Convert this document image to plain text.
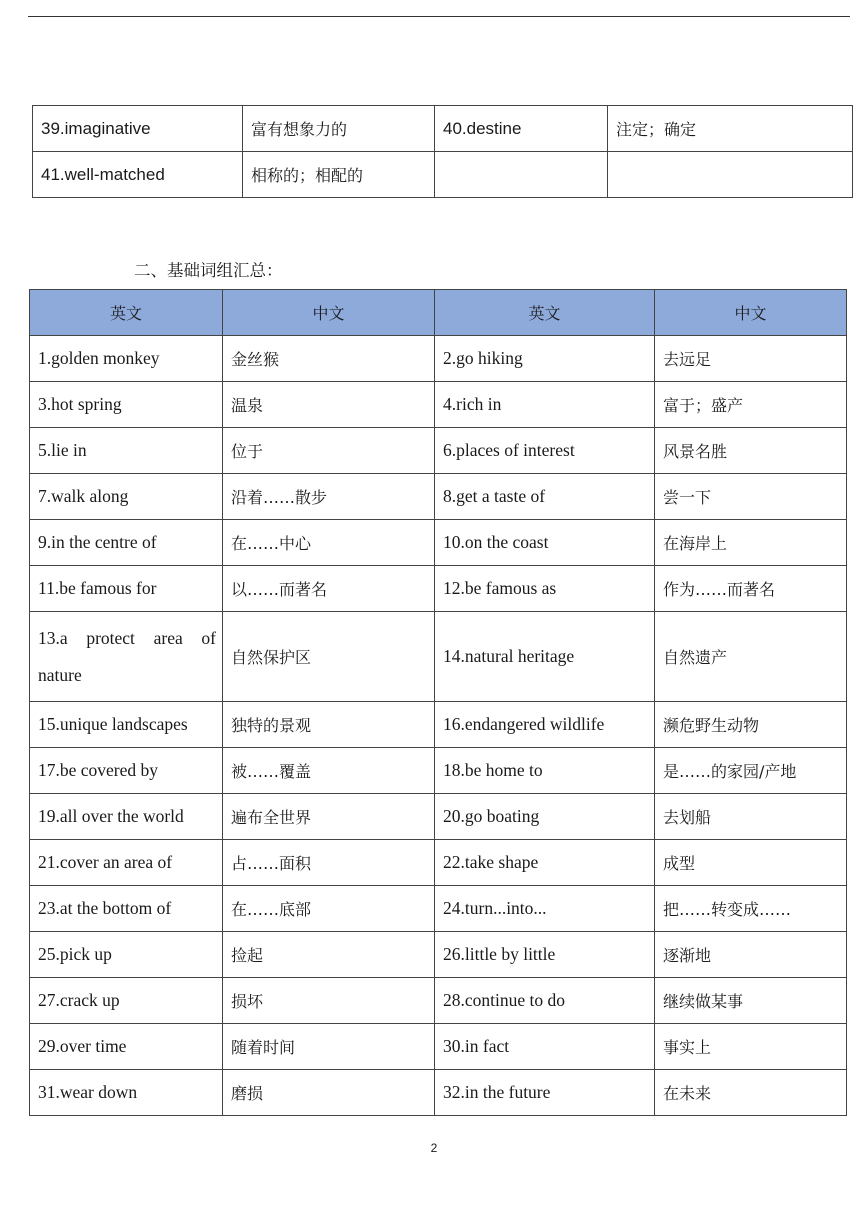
39.imaginative	富有想象力的	40.destine	注定；确定
41.well-matched	相称的；相配的		
二、基础词组汇总：
英文	中文	英文	中文
1.golden monkey	金丝猴	2.go hiking	去远足
3.hot spring	温泉	4.rich in	富于；盛产
5.lie in	位于	6.places of interest	风景名胜
7.walk along	沿着……散步	8.get a taste of	尝一下
9.in the centre of	在……中心	10.on the coast	在海岸上
11.be famous for	以……而著名	12.be famous as	作为……而著名
13.a protect area of nature	自然保护区	14.natural heritage	自然遗产
15.unique landscapes	独特的景观	16.endangered wildlife	濒危野生动物
17.be covered by	被……覆盖	18.be home to	是……的家园/产地
19.all over the world	遍布全世界	20.go boating	去划船
21.cover an area of	占……面积	22.take shape	成型
23.at the bottom of	在……底部	24.turn...into...	把……转变成……
25.pick up	捡起	26.little by little	逐渐地
27.crack up	损坏	28.continue to do	继续做某事
29.over time	随着时间	30.in fact	事实上
31.wear down	磨损	32.in the future	在未来
2
